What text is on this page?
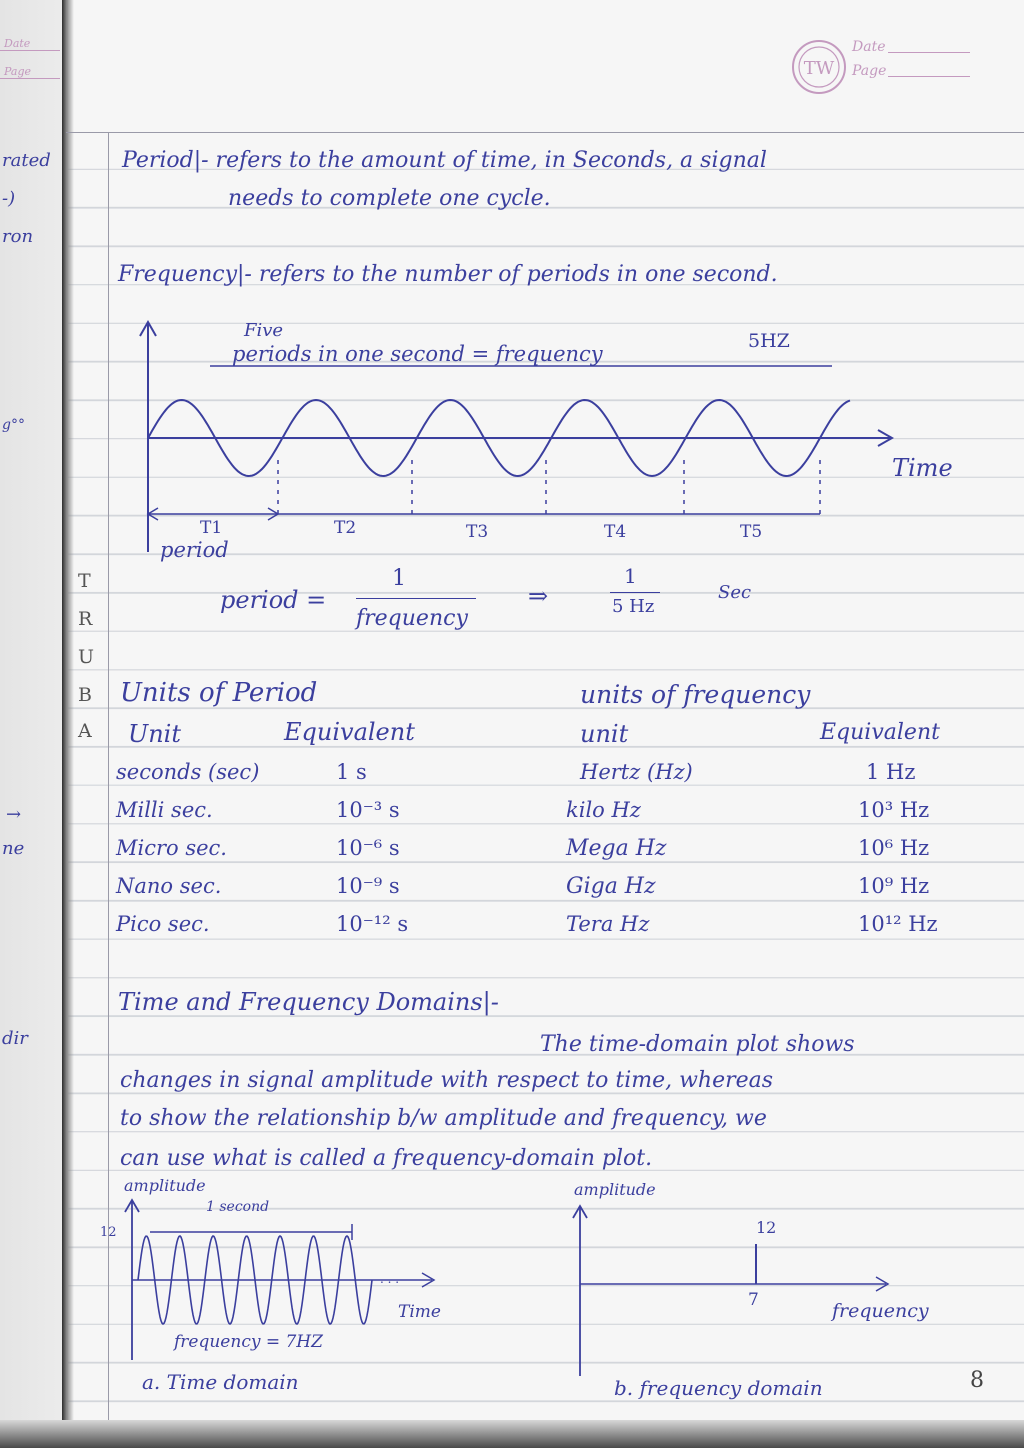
Date
Page
rated
-)
ron
g°°
ne
dir
→
TW
Date
Page
T
R
U
B
A
Period|- refers to the amount of time, in Seconds, a signal
needs to complete one cycle.
Frequency|- refers to the number of periods in one second.
Five
periods in one second = frequency
5HZ
Time
T1	T2	T3	T4	T5
period
period =
1
frequency
⇒
1
5 Hz
Sec
Units of Period
Unit	Equivalent
seconds (sec)	1 s
Milli sec.	10⁻³ s
Micro sec.	10⁻⁶ s
Nano sec.	10⁻⁹ s
Pico sec.	10⁻¹² s
units of frequency
unit	Equivalent
Hertz (Hz)	1 Hz
kilo Hz	10³ Hz
Mega Hz	10⁶ Hz
Giga Hz	10⁹ Hz
Tera Hz	10¹² Hz
Time and Frequency Domains|-
The time-domain plot shows
changes in signal amplitude with respect to time, whereas
to show the relationship b/w amplitude and frequency, we
can use what is called a frequency-domain plot.
. . .
amplitude
1 second
12
Time
frequency = 7HZ
a. Time domain
amplitude
12
7	frequency
b. frequency domain	8
